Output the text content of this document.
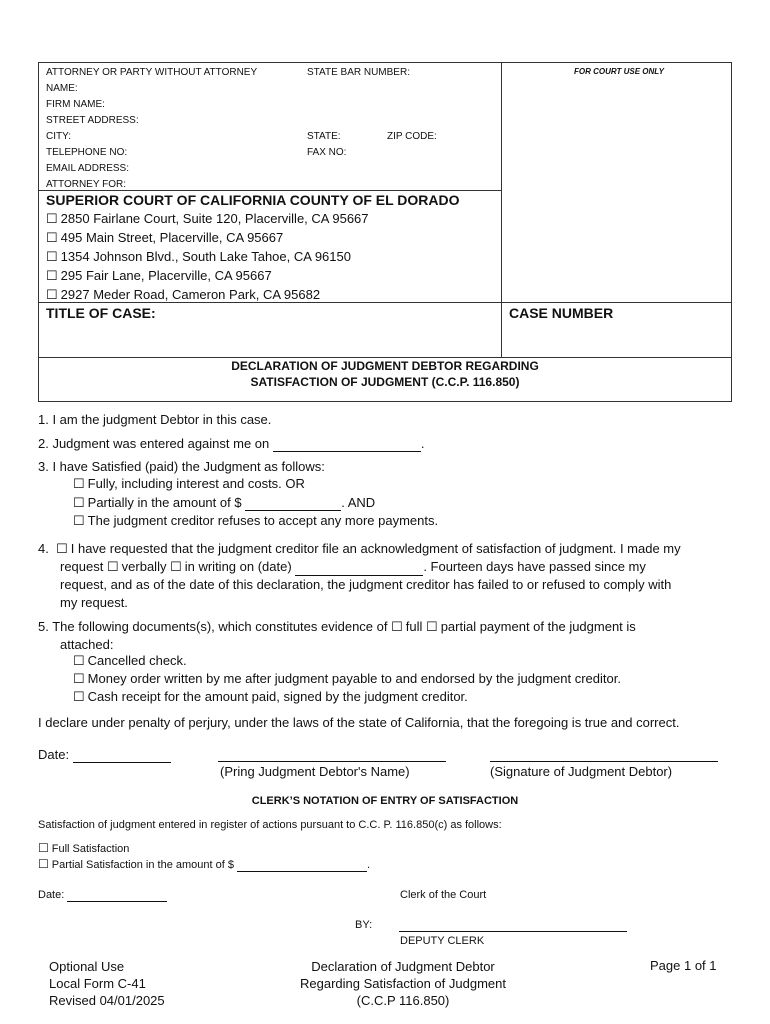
ATTORNEY OR PARTY WITHOUT ATTORNEY	STATE BAR NUMBER:	FOR COURT USE ONLY
NAME:
FIRM NAME:
STREET ADDRESS:
CITY:	STATE:	ZIP CODE:
TELEPHONE NO:	FAX NO:
EMAIL ADDRESS:
ATTORNEY FOR:
SUPERIOR COURT OF CALIFORNIA COUNTY OF EL DORADO
☐ 2850 Fairlane Court, Suite 120, Placerville, CA 95667
☐ 495 Main Street, Placerville, CA 95667
☐ 1354 Johnson Blvd., South Lake Tahoe, CA 96150
☐ 295 Fair Lane, Placerville, CA 95667
☐ 2927 Meder Road, Cameron Park, CA 95682
TITLE OF CASE:	CASE NUMBER
DECLARATION OF JUDGMENT DEBTOR REGARDING
SATISFACTION OF JUDGMENT (C.C.P. 116.850)
1. I am the judgment Debtor in this case.
2. Judgment was entered against me on	.
3. I have Satisfied (paid) the Judgment as follows:
☐ Fully, including interest and costs. OR
☐ Partially in the amount of $	. AND
☐ The judgment creditor refuses to accept any more payments.
4. ☐ I have requested that the judgment creditor file an acknowledgment of satisfaction of judgment. I made my
request ☐ verbally ☐ in writing on (date)	. Fourteen days have passed since my
request, and as of the date of this declaration, the judgment creditor has failed to or refused to comply with
my request.
5. The following documents(s), which constitutes evidence of ☐ full ☐ partial payment of the judgment is
attached:
☐ Cancelled check.
☐ Money order written by me after judgment payable to and endorsed by the judgment creditor.
☐ Cash receipt for the amount paid, signed by the judgment creditor.
I declare under penalty of perjury, under the laws of the state of California, that the foregoing is true and correct.
Date:
(Pring Judgment Debtor's Name)	(Signature of Judgment Debtor)
CLERK’S NOTATION OF ENTRY OF SATISFACTION
Satisfaction of judgment entered in register of actions pursuant to C.C. P. 116.850(c) as follows:
☐ Full Satisfaction
☐ Partial Satisfaction in the amount of $	.
Date:	Clerk of the Court
BY:
DEPUTY CLERK
Optional Use
Local Form C-41
Revised 04/01/2025
Declaration of Judgment Debtor
Regarding Satisfaction of Judgment
(C.C.P 116.850)
Page 1 of 1
